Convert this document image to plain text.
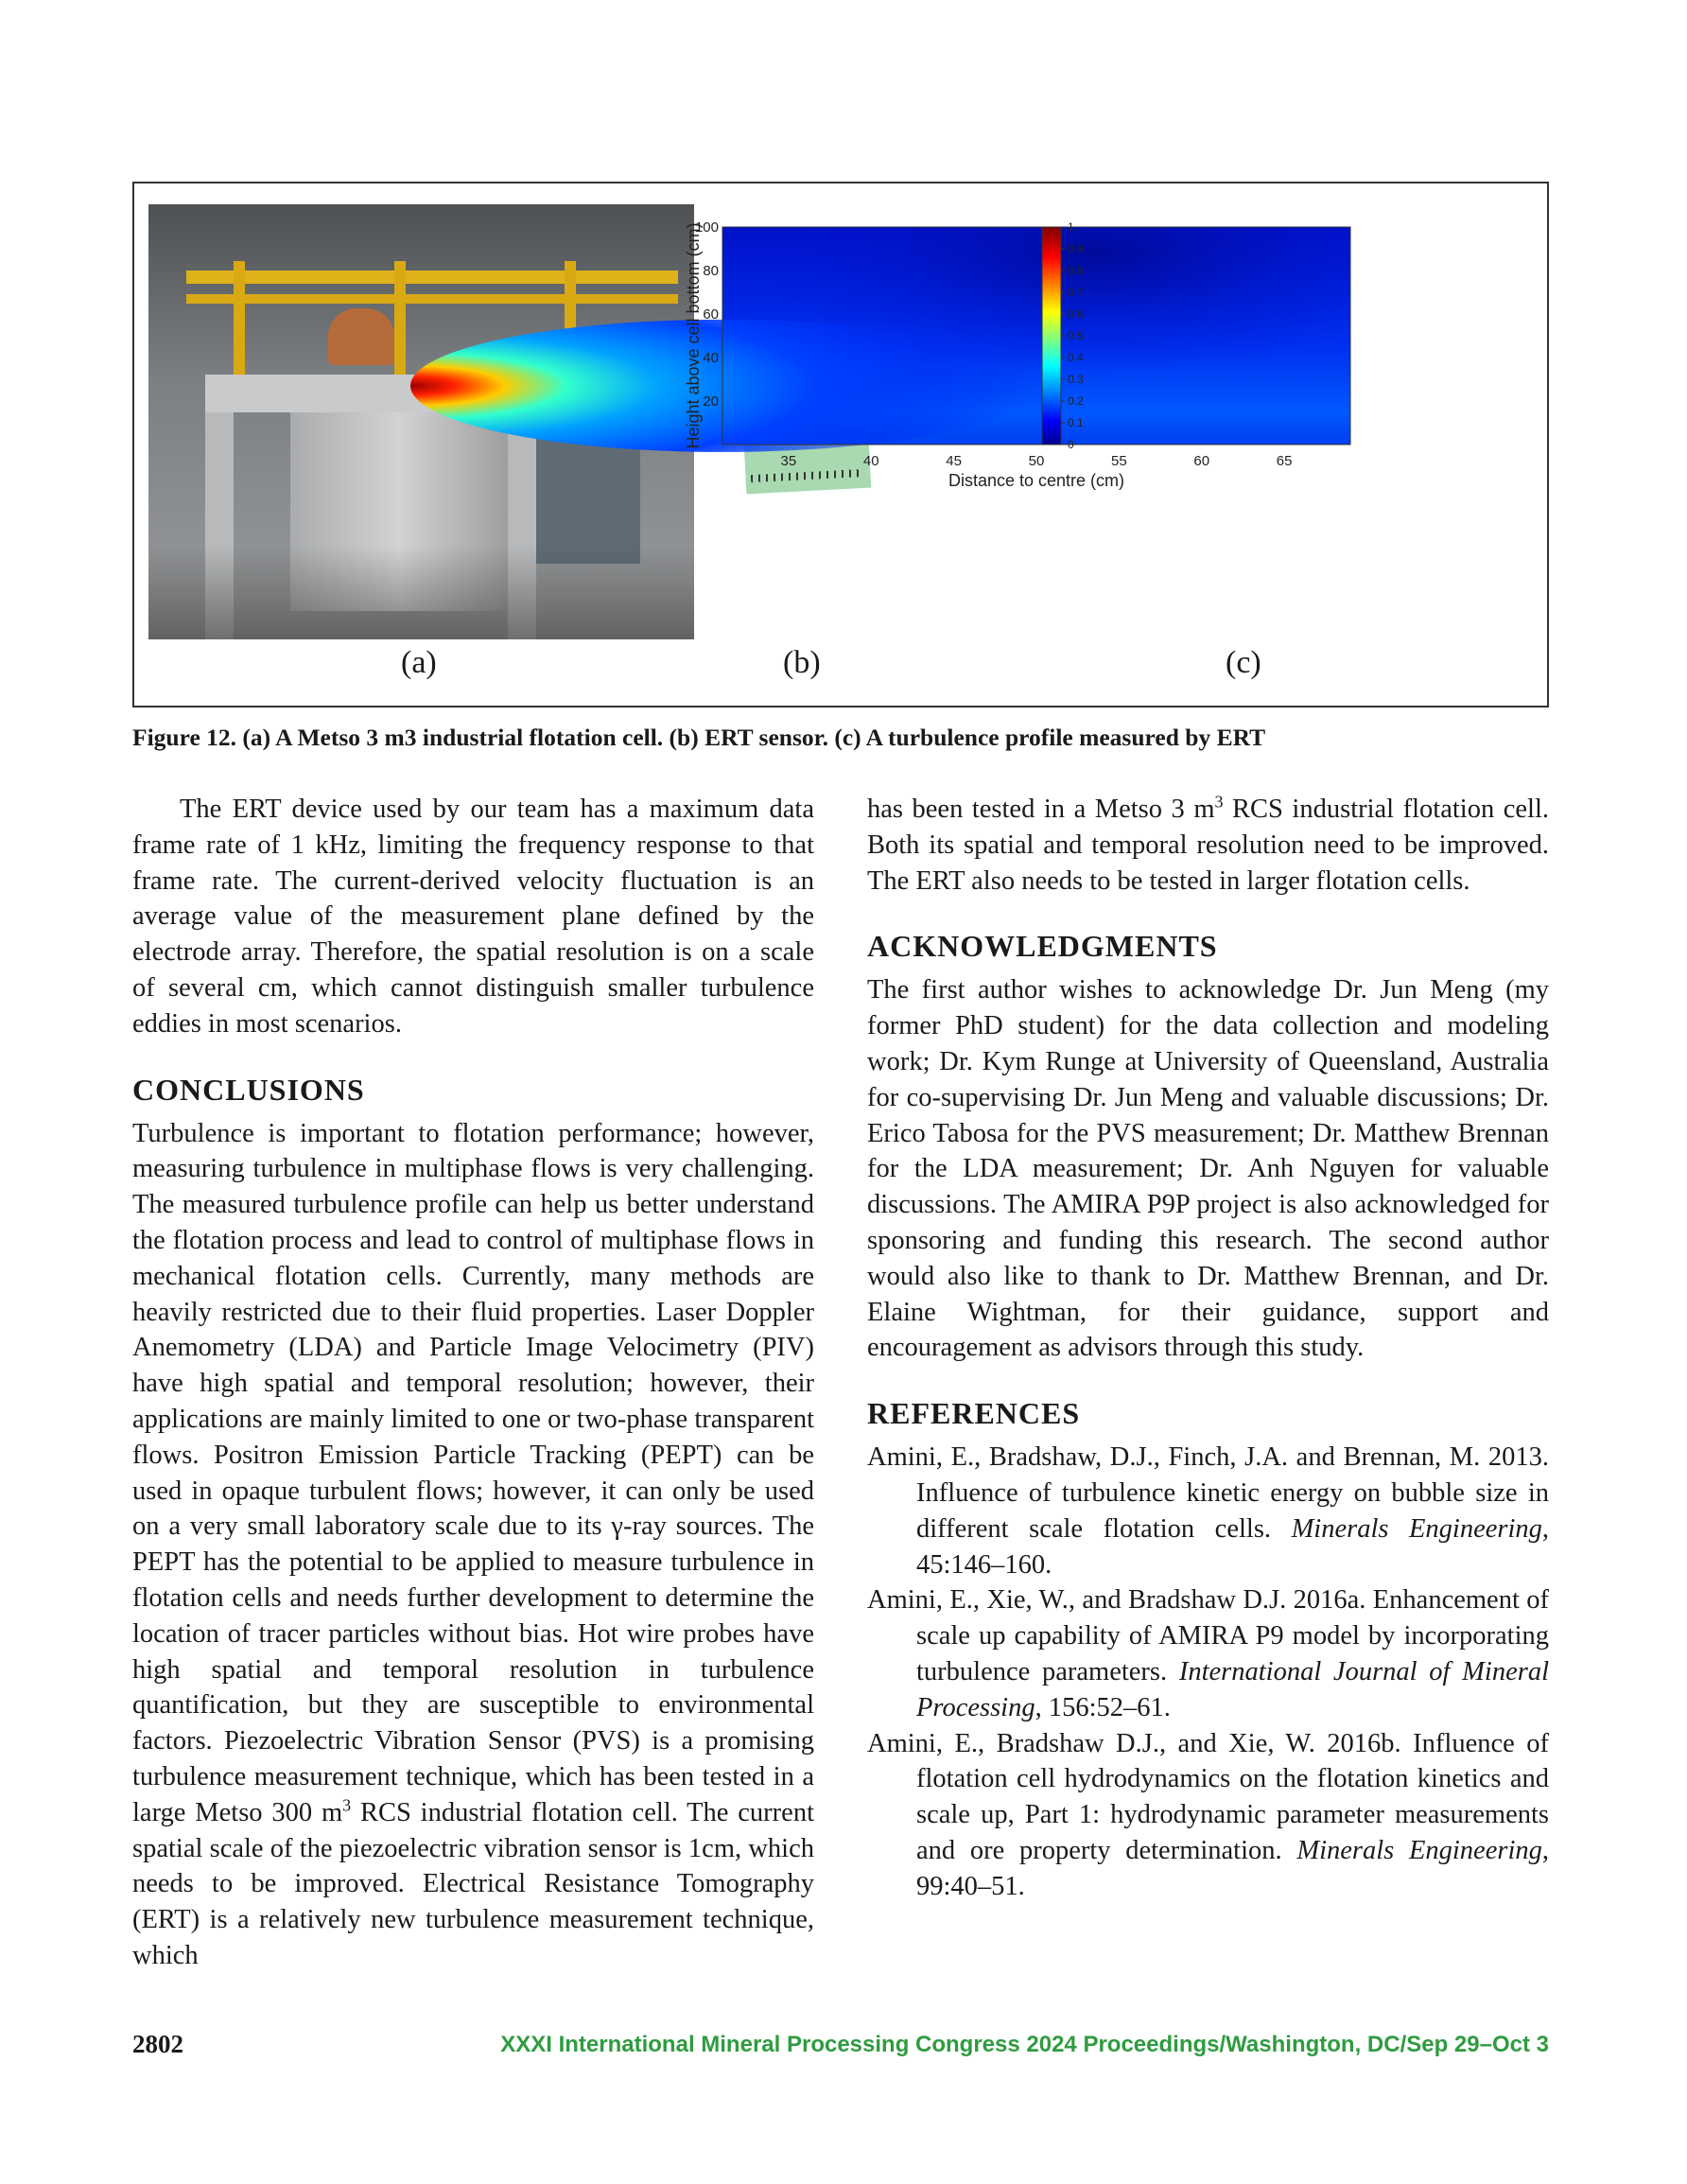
35	40	45	50	55	60	65
20
40
60
80
100
0
0.1
0.2
0.3
0.4
0.5
0.6
0.7
0.8
0.9
1
Distance to centre (cm)
Height above cell bottom (cm)
(a)	(b)	(c)
Figure 12. (a) A Metso 3 m3 industrial flotation cell. (b) ERT sensor. (c) A turbulence profile measured by ERT

The ERT device used by our team has a maximum data frame rate of 1 kHz, limiting the frequency response to that frame rate. The current-derived velocity fluctuation is an average value of the measurement plane defined by the electrode array. Therefore, the spatial resolution is on a scale of several cm, which cannot distinguish smaller turbulence eddies in most scenarios.

CONCLUSIONS

Turbulence is important to flotation performance; however, measuring turbulence in multiphase flows is very challenging. The measured turbulence profile can help us better understand the flotation process and lead to control of multiphase flows in mechanical flotation cells. Currently, many methods are heavily restricted due to their fluid properties. Laser Doppler Anemometry (LDA) and Particle Image Velocimetry (PIV) have high spatial and temporal resolution; however, their applications are mainly limited to one or two-phase transparent flows. Positron Emission Particle Tracking (PEPT) can be used in opaque turbulent flows; however, it can only be used on a very small laboratory scale due to its γ-ray sources. The PEPT has the potential to be applied to measure turbulence in flotation cells and needs further development to determine the location of tracer particles without bias. Hot wire probes have high spatial and temporal resolution in turbulence quantification, but they are susceptible to environmental factors. Piezoelectric Vibration Sensor (PVS) is a promising turbulence measurement technique, which has been tested in a large Metso 300 $m^3$ RCS industrial flotation cell. The current spatial scale of the piezoelectric vibration sensor is 1cm, which needs to be improved. Electrical Resistance Tomography (ERT) is a relatively new turbulence measurement technique, which

has been tested in a Metso 3 $m^3$ RCS industrial flotation cell. Both its spatial and temporal resolution need to be improved. The ERT also needs to be tested in larger flotation cells.

ACKNOWLEDGMENTS

The first author wishes to acknowledge Dr. Jun Meng (my former PhD student) for the data collection and modeling work; Dr. Kym Runge at University of Queensland, Australia for co-supervising Dr. Jun Meng and valuable discussions; Dr. Erico Tabosa for the PVS measurement; Dr. Matthew Brennan for the LDA measurement; Dr. Anh Nguyen for valuable discussions. The AMIRA P9P project is also acknowledged for sponsoring and funding this research. The second author would also like to thank to Dr. Matthew Brennan, and Dr. Elaine Wightman, for their guidance, support and encouragement as advisors through this study.

REFERENCES

Amini, E., Bradshaw, D.J., Finch, J.A. and Brennan, M. 2013. Influence of turbulence kinetic energy on bubble size in different scale flotation cells. Minerals Engineering, 45:146–160.

Amini, E., Xie, W., and Bradshaw D.J. 2016a. Enhancement of scale up capability of AMIRA P9 model by incorporating turbulence parameters. International Journal of Mineral Processing, 156:52–61.

Amini, E., Bradshaw D.J., and Xie, W. 2016b. Influence of flotation cell hydrodynamics on the flotation kinetics and scale up, Part 1: hydrodynamic parameter measurements and ore property determination. Minerals Engineering, 99:40–51.

2802	XXXI International Mineral Processing Congress 2024 Proceedings/Washington, DC/Sep 29–Oct 3
